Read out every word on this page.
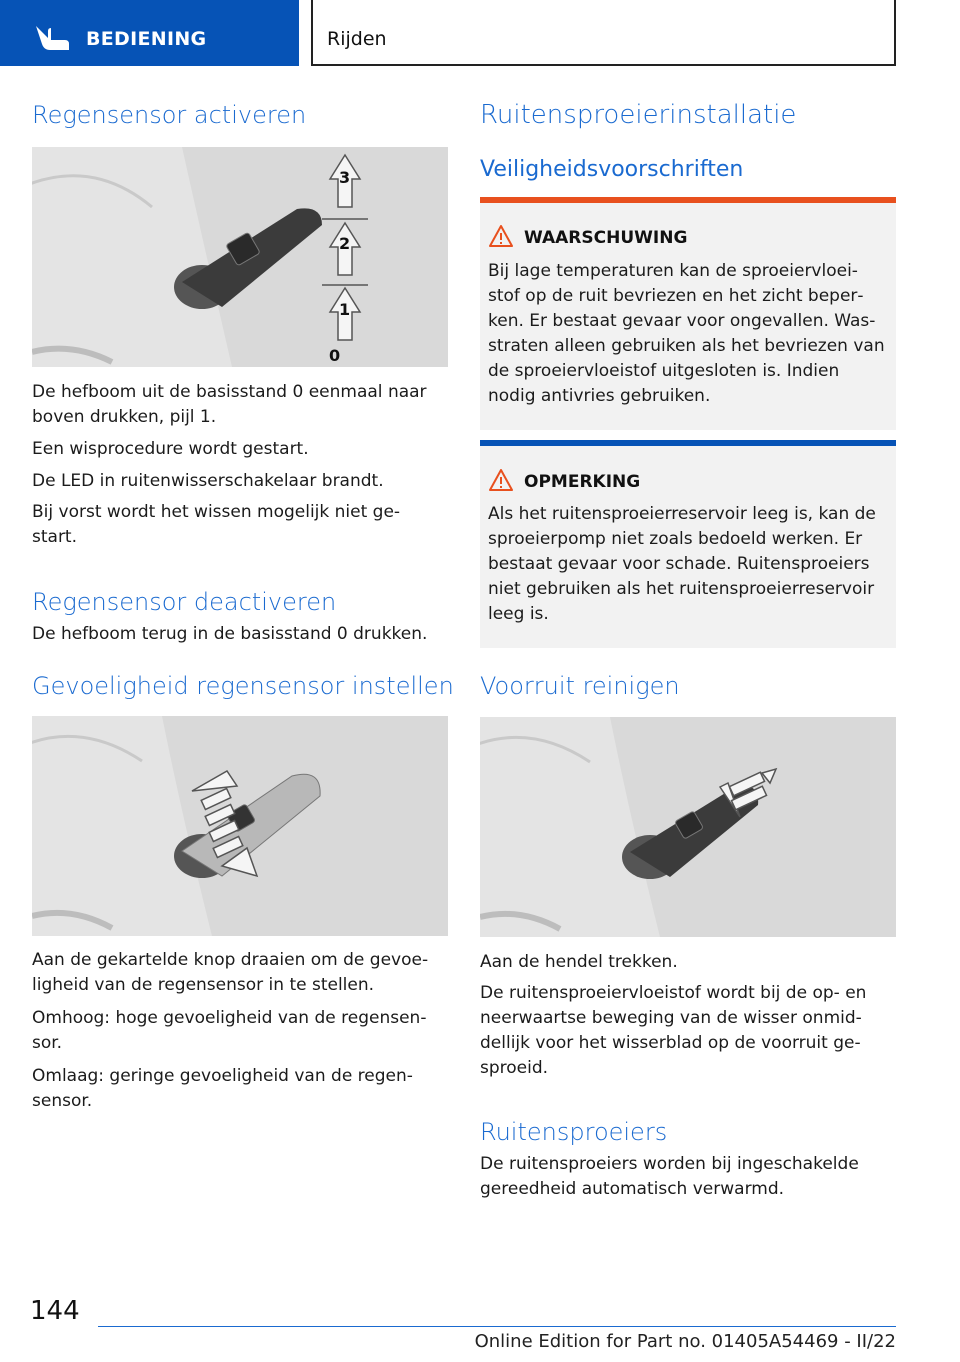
BEDIENING	Rijden
Regensensor activeren
3
2
1
0
De hefboom uit de basisstand 0 eenmaal naar boven drukken, pijl 1.
Een wisprocedure wordt gestart.
De LED in ruitenwisserschakelaar brandt.
Bij vorst wordt het wissen mogelijk niet ge‐ start.
Regensensor deactiveren
De hefboom terug in de basisstand 0 drukken.
Gevoeligheid regensensor instellen
Aan de gekartelde knop draaien om de gevoe‐ ligheid van de regensensor in te stellen.
Omhoog: hoge gevoeligheid van de regensen‐ sor.
Omlaag: geringe gevoeligheid van de regen‐ sensor.
Ruitensproeierinstallatie
Veiligheidsvoorschriften
WAARSCHUWING
Bij lage temperaturen kan de sproeiervloei‐ stof op de ruit bevriezen en het zicht beper‐ ken. Er bestaat gevaar voor ongevallen. Was‐ straten alleen gebruiken als het bevriezen van de sproeiervloeistof uitgesloten is. Indien nodig antivries gebruiken.
OPMERKING
Als het ruitensproeierreservoir leeg is, kan de sproeierpomp niet zoals bedoeld werken. Er bestaat gevaar voor schade. Ruitensproeiers niet gebruiken als het ruitensproeierreservoir leeg is.
Voorruit reinigen
Aan de hendel trekken.
De ruitensproeiervloeistof wordt bij de op- en neerwaartse beweging van de wisser onmid‐ dellijk voor het wisserblad op de voorruit ge‐ sproeid.
Ruitensproeiers
De ruitensproeiers worden bij ingeschakelde gereedheid automatisch verwarmd.
144
Online Edition for Part no. 01405A54469 - II/22
